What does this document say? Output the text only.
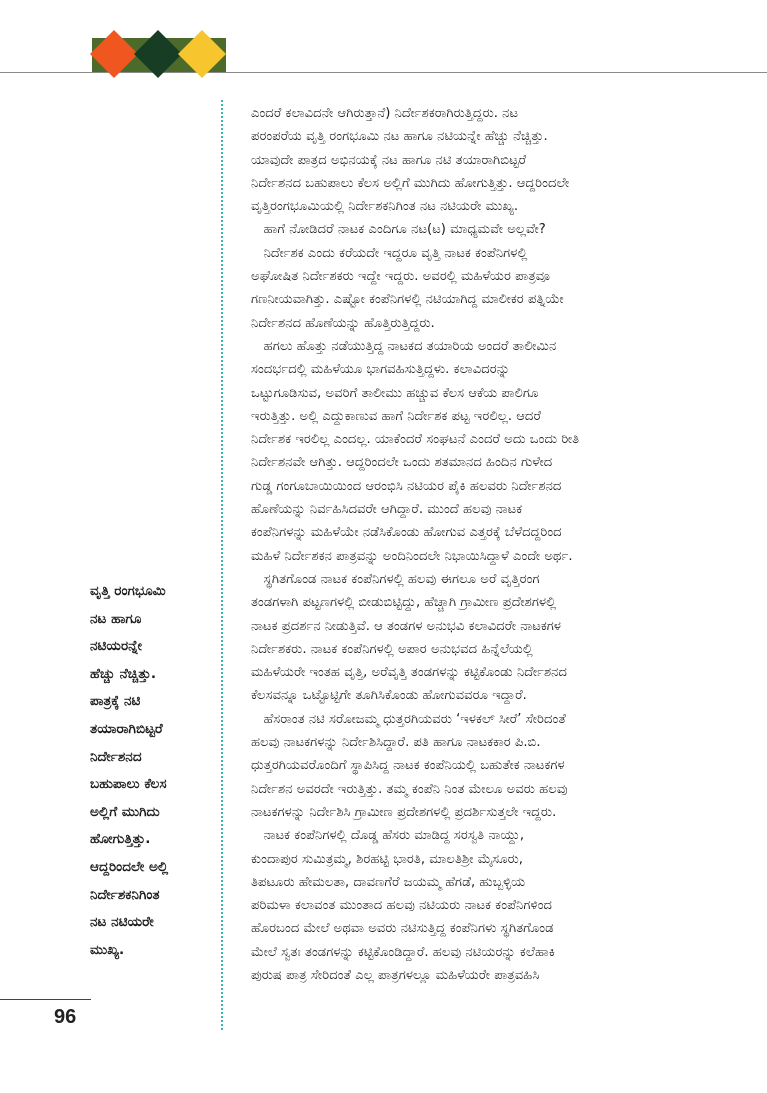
ಎಂದರೆ ಕಲಾವಿದನೇ ಆಗಿರುತ್ತಾನೆ) ನಿರ್ದೇಶಕರಾಗಿರುತ್ತಿದ್ದರು. ನಟ

ಪರಂಪರೆಯ ವೃತ್ತಿ ರಂಗಭೂಮಿ ನಟ ಹಾಗೂ ನಟಿಯನ್ನೇ ಹೆಚ್ಚು ನೆಚ್ಚಿತ್ತು.

ಯಾವುದೇ ಪಾತ್ರದ ಅಭಿನಯಕ್ಕೆ ನಟ ಹಾಗೂ ನಟಿ ತಯಾರಾಗಿಬಿಟ್ಟರೆ

ನಿರ್ದೇಶನದ ಬಹುಪಾಲು ಕೆಲಸ ಅಲ್ಲಿಗೆ ಮುಗಿದು ಹೋಗುತ್ತಿತ್ತು. ಆದ್ದರಿಂದಲೇ

ವೃತ್ತಿರಂಗಭೂಮಿಯಲ್ಲಿ ನಿರ್ದೇಶಕನಿಗಿಂತ ನಟ ನಟಿಯರೇ ಮುಖ್ಯ.

ಹಾಗೆ ನೋಡಿದರೆ ನಾಟಕ ಎಂದಿಗೂ ನಟ(ಟ) ಮಾಧ್ಯಮವೇ ಅಲ್ಲವೇ?

ನಿರ್ದೇಶಕ ಎಂದು ಕರೆಯದೇ ಇದ್ದರೂ ವೃತ್ತಿ ನಾಟಕ ಕಂಪೆನಿಗಳಲ್ಲಿ

ಅಘೋಷಿತ ನಿರ್ದೇಶಕರು ಇದ್ದೇ ಇದ್ದರು. ಅವರಲ್ಲಿ ಮಹಿಳೆಯರ ಪಾತ್ರವೂ

ಗಣನೀಯವಾಗಿತ್ತು. ಎಷ್ಟೋ ಕಂಪೆನಿಗಳಲ್ಲಿ ನಟಿಯಾಗಿದ್ದ ಮಾಲೀಕರ ಪತ್ನಿಯೇ

ನಿರ್ದೇಶನದ ಹೊಣೆಯನ್ನು ಹೊತ್ತಿರುತ್ತಿದ್ದರು.

ಹಗಲು ಹೊತ್ತು ನಡೆಯುತ್ತಿದ್ದ ನಾಟಕದ ತಯಾರಿಯ ಅಂದರೆ ತಾಲೀಮಿನ

ಸಂದರ್ಭದಲ್ಲಿ ಮಹಿಳೆಯೂ ಭಾಗವಹಿಸುತ್ತಿದ್ದಳು. ಕಲಾವಿದರನ್ನು

ಒಟ್ಟುಗೂಡಿಸುವ, ಅವರಿಗೆ ತಾಲೀಮು ಹಚ್ಚುವ ಕೆಲಸ ಆಕೆಯ ಪಾಲಿಗೂ

ಇರುತ್ತಿತ್ತು. ಅಲ್ಲಿ ಎದ್ದುಕಾಣುವ ಹಾಗೆ ನಿರ್ದೇಶಕ ಪಟ್ಟ ಇರಲಿಲ್ಲ. ಆದರೆ

ನಿರ್ದೇಶಕ ಇರಲಿಲ್ಲ ಎಂದಲ್ಲ. ಯಾಕೆಂದರೆ ಸಂಘಟನೆ ಎಂದರೆ ಅದು ಒಂದು ರೀತಿ

ನಿರ್ದೇಶನವೇ ಆಗಿತ್ತು. ಆದ್ದರಿಂದಲೇ ಒಂದು ಶತಮಾನದ ಹಿಂದಿನ ಗುಳೇದ

ಗುಡ್ಡ ಗಂಗೂಬಾಯಿಯಿಂದ ಆರಂಭಿಸಿ ನಟಿಯರ ಪೈಕಿ ಹಲವರು ನಿರ್ದೇಶನದ

ಹೊಣೆಯನ್ನು ನಿರ್ವಹಿಸಿದವರೇ ಆಗಿದ್ದಾರೆ. ಮುಂದೆ ಹಲವು ನಾಟಕ

ಕಂಪೆನಿಗಳನ್ನು ಮಹಿಳೆಯೇ ನಡೆಸಿಕೊಂಡು ಹೋಗುವ ಎತ್ತರಕ್ಕೆ ಬೆಳೆದದ್ದರಿಂದ

ಮಹಿಳೆ ನಿರ್ದೇಶಕನ ಪಾತ್ರವನ್ನು ಅಂದಿನಿಂದಲೇ ನಿಭಾಯಿಸಿದ್ದಾಳೆ ಎಂದೇ ಅರ್ಥ.

ಸ್ಥಗಿತಗೊಂಡ ನಾಟಕ ಕಂಪೆನಿಗಳಲ್ಲಿ ಹಲವು ಈಗಲೂ ಅರೆ ವೃತ್ತಿರಂಗ

ತಂಡಗಳಾಗಿ ಪಟ್ಟಣಗಳಲ್ಲಿ ಬೀಡುಬಿಟ್ಟಿದ್ದು, ಹೆಚ್ಚಾಗಿ ಗ್ರಾಮೀಣ ಪ್ರದೇಶಗಳಲ್ಲಿ

ನಾಟಕ ಪ್ರದರ್ಶನ ನೀಡುತ್ತಿವೆ. ಆ ತಂಡಗಳ ಅನುಭವಿ ಕಲಾವಿದರೇ ನಾಟಕಗಳ

ನಿರ್ದೇಶಕರು. ನಾಟಕ ಕಂಪೆನಿಗಳಲ್ಲಿ ಅಪಾರ ಅನುಭವದ ಹಿನ್ನೆಲೆಯಲ್ಲಿ

ಮಹಿಳೆಯರೇ ಇಂತಹ ವೃತ್ತಿ, ಅರೆವೃತ್ತಿ ತಂಡಗಳನ್ನು ಕಟ್ಟಿಕೊಂಡು ನಿರ್ದೇಶನದ

ಕೆಲಸವನ್ನೂ ಒಟ್ಟೊಟ್ಟಿಗೇ ತೂಗಿಸಿಕೊಂಡು ಹೋಗುವವರೂ ಇದ್ದಾರೆ.

ಹೆಸರಾಂತ ನಟಿ ಸರೋಜಮ್ಮ ಧುತ್ತರಗಿಯವರು ‘ಇಳಕಲ್ ಸೀರೆ’ ಸೇರಿದಂತೆ

ಹಲವು ನಾಟಕಗಳನ್ನು ನಿರ್ದೇಶಿಸಿದ್ದಾರೆ. ಪತಿ ಹಾಗೂ ನಾಟಕಕಾರ ಪಿ.ಬಿ.

ಧುತ್ತರಗಿಯವರೊಂದಿಗೆ ಸ್ಥಾಪಿಸಿದ್ದ ನಾಟಕ ಕಂಪೆನಿಯಲ್ಲಿ ಬಹುತೇಕ ನಾಟಕಗಳ

ನಿರ್ದೇಶನ ಅವರದೇ ಇರುತ್ತಿತ್ತು. ತಮ್ಮ ಕಂಪೆನಿ ನಿಂತ ಮೇಲೂ ಅವರು ಹಲವು

ನಾಟಕಗಳನ್ನು ನಿರ್ದೇಶಿಸಿ ಗ್ರಾಮೀಣ ಪ್ರದೇಶಗಳಲ್ಲಿ ಪ್ರದರ್ಶಿಸುತ್ತಲೇ ಇದ್ದರು.

ನಾಟಕ ಕಂಪೆನಿಗಳಲ್ಲಿ ದೊಡ್ಡ ಹೆಸರು ಮಾಡಿದ್ದ ಸರಸ್ವತಿ ನಾಯ್ದು,

ಕುಂದಾಪುರ ಸುಮಿತ್ರಮ್ಮ, ಶಿರಹಟ್ಟಿ ಭಾರತಿ, ಮಾಲತಿಶ್ರೀ ಮೈಸೂರು,

ತಿಪಟೂರು ಹೇಮಲತಾ, ದಾವಣಗೆರೆ ಜಯಮ್ಮ ಹೆಗಡೆ, ಹುಬ್ಬಳ್ಳಿಯ

ಪರಿಮಳಾ ಕಲಾವಂತ ಮುಂತಾದ ಹಲವು ನಟಿಯರು ನಾಟಕ ಕಂಪೆನಿಗಳಿಂದ

ಹೊರಬಂದ ಮೇಲೆ ಅಥವಾ ಅವರು ನಟಿಸುತ್ತಿದ್ದ ಕಂಪೆನಿಗಳು ಸ್ಥಗಿತಗೊಂಡ

ಮೇಲೆ ಸ್ವತಃ ತಂಡಗಳನ್ನು ಕಟ್ಟಿಕೊಂಡಿದ್ದಾರೆ. ಹಲವು ನಟಿಯರನ್ನು ಕಲೆಹಾಕಿ

ಪುರುಷ ಪಾತ್ರ ಸೇರಿದಂತೆ ಎಲ್ಲ ಪಾತ್ರಗಳಲ್ಲೂ ಮಹಿಳೆಯರೇ ಪಾತ್ರವಹಿಸಿ

ವೃತ್ತಿ ರಂಗಭೂಮಿ

ನಟ ಹಾಗೂ

ನಟಿಯರನ್ನೇ

ಹೆಚ್ಚು ನೆಚ್ಚಿತ್ತು.

ಪಾತ್ರಕ್ಕೆ ನಟಿ

ತಯಾರಾಗಿಬಿಟ್ಟರೆ

ನಿರ್ದೇಶನದ

ಬಹುಪಾಲು ಕೆಲಸ

ಅಲ್ಲಿಗೆ ಮುಗಿದು

ಹೋಗುತ್ತಿತ್ತು.

ಆದ್ದರಿಂದಲೇ ಅಲ್ಲಿ

ನಿರ್ದೇಶಕನಿಗಿಂತ

ನಟ ನಟಿಯರೇ

ಮುಖ್ಯ.

96
